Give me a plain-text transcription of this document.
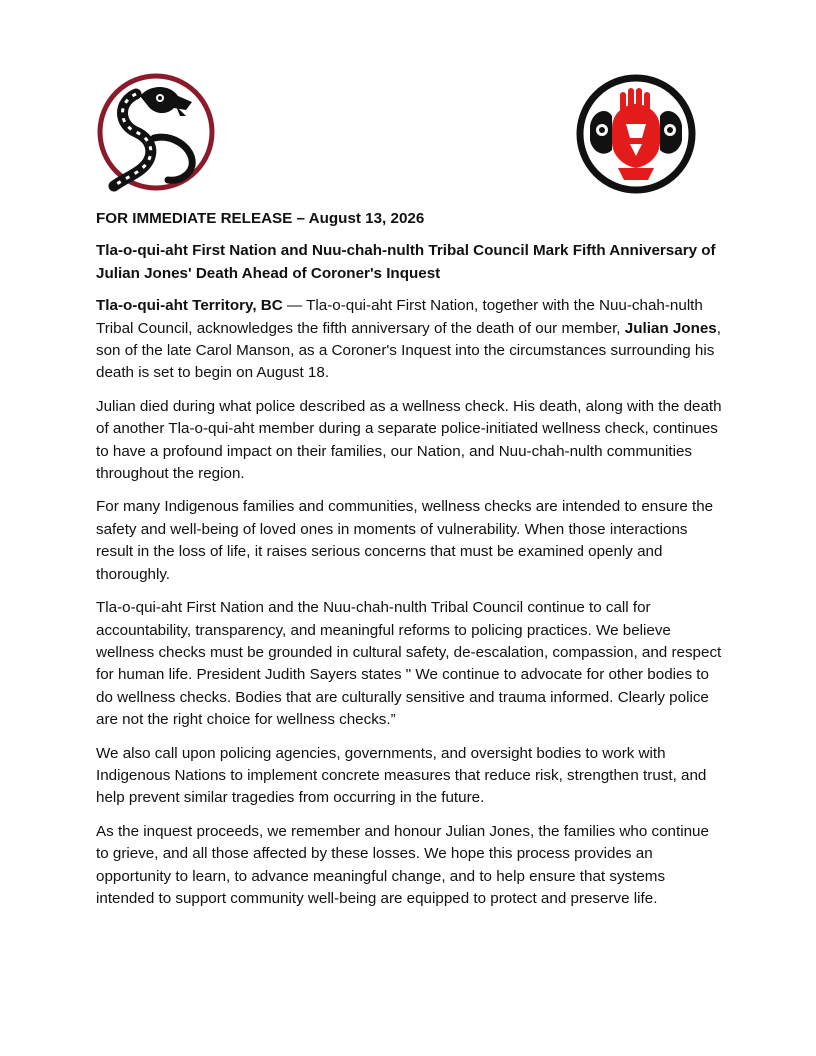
FOR IMMEDIATE RELEASE – August 13, 2026
Tla-o-qui-aht First Nation and Nuu-chah-nulth Tribal Council Mark Fifth Anniversary of Julian Jones' Death Ahead of Coroner's Inquest

Tla-o-qui-aht Territory, BC — Tla-o-qui-aht First Nation, together with the Nuu-chah-nulth Tribal Council, acknowledges the fifth anniversary of the death of our member, Julian Jones, son of the late Carol Manson, as a Coroner's Inquest into the circumstances surrounding his death is set to begin on August 18.

Julian died during what police described as a wellness check. His death, along with the death of another Tla-o-qui-aht member during a separate police-initiated wellness check, continues to have a profound impact on their families, our Nation, and Nuu-chah-nulth communities throughout the region.

For many Indigenous families and communities, wellness checks are intended to ensure the safety and well-being of loved ones in moments of vulnerability. When those interactions result in the loss of life, it raises serious concerns that must be examined openly and thoroughly.

Tla-o-qui-aht First Nation and the Nuu-chah-nulth Tribal Council continue to call for accountability, transparency, and meaningful reforms to policing practices. We believe wellness checks must be grounded in cultural safety, de-escalation, compassion, and respect for human life. President Judith Sayers states " We continue to advocate for other bodies to do wellness checks. Bodies that are culturally sensitive and trauma informed. Clearly police are not the right choice for wellness checks.”

We also call upon policing agencies, governments, and oversight bodies to work with Indigenous Nations to implement concrete measures that reduce risk, strengthen trust, and help prevent similar tragedies from occurring in the future.

As the inquest proceeds, we remember and honour Julian Jones, the families who continue to grieve, and all those affected by these losses. We hope this process provides an opportunity to learn, to advance meaningful change, and to help ensure that systems intended to support community well-being are equipped to protect and preserve life.
